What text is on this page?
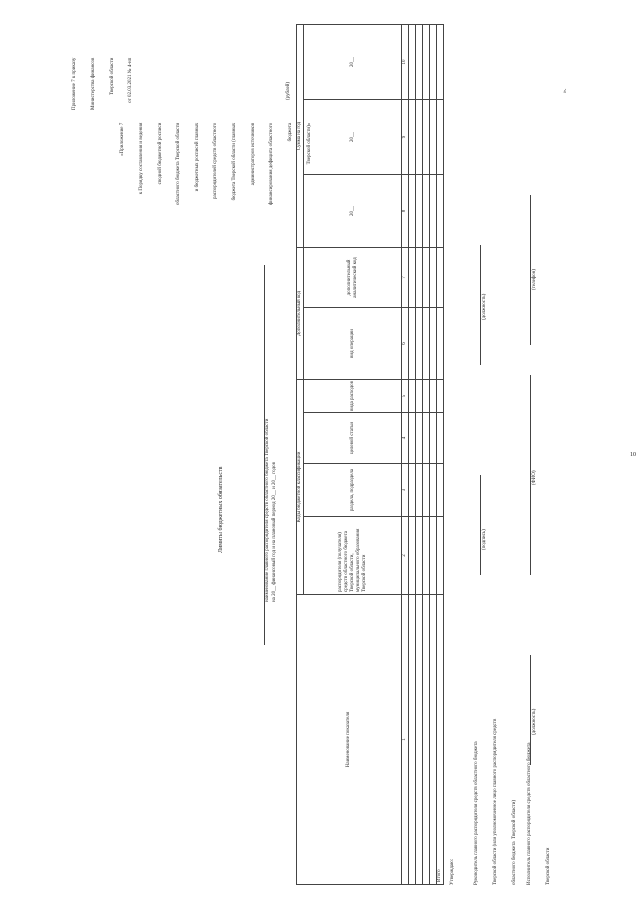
10

Приложение 7 к приказу

	Министерства финансов

	Тверской области

	от 02.03.2021 № 4-нп

«Приложение 7

	к Порядку составления и ведения

	сводной бюджетной росписи

	областного бюджета Тверской области

	и бюджетных росписей главных

	распорядителей средств областного

	бюджета Тверской области (главных

	администраторов источников

	финансирования дефицита областного

	бюджета

	Тверской области)»

Лимиты бюджетных обязательств	наименование главного распорядителя средств областного бюджета Тверской области на 20__ финансовый год и на плановый период 20__ и 20__ годов
(рублей)
Наименование показателя	Коды бюджетной классификации				Дополнительный код		Сумма на год		
	распорядителя (получателя) средств областного бюджета Тверской области, муниципального образования Тверской области	раздела, подраздела	целевой статьи	вида расходов	вид операции	дополнительный аналитический код	20__	20__	20__
1	2	3	4	5	6	7	8	9	10

Итого									Утверждаю:

	Руководитель главного распорядителя средств областного бюджета

	Тверской области (или уполномоченное лицо главного распорядителя средств

	областного бюджета  Тверской области)

(подпись)
(должность)

Исполнитель главного распорядителя средств областного бюджета

	Тверской области

(должность)
(ФИО)
(телефон)
».
